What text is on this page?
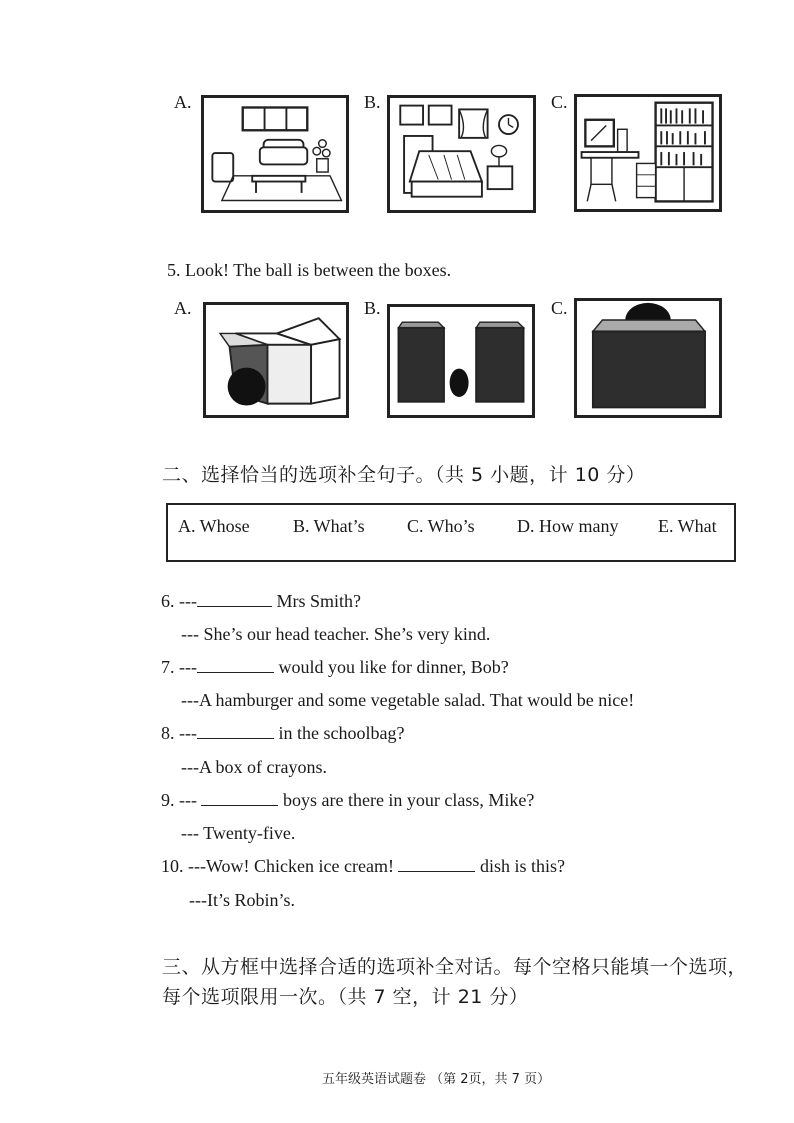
A.	B.	C.
5. Look! The ball is between the boxes.
A.	B.	C.
二、选择恰当的选项补全句子。（共 5 小题，计 10 分）
A. Whose B. What’s C. Who’s D. How many E. What
6. ---	Mrs Smith?
--- She’s our head teacher. She’s very kind.
7. ---	would you like for dinner, Bob?
---A hamburger and some vegetable salad. That would be nice!
8. ---	in the schoolbag?
---A box of crayons.
9. ---	boys are there in your class, Mike?
--- Twenty-five.
10. ---Wow! Chicken ice cream!	dish is this?
---It’s Robin’s.
三、从方框中选择合适的选项补全对话。每个空格只能填一个选项，
每个选项限用一次。（共 7 空，计 21 分）
五年级英语试题卷 （第 2页，共 7 页）
